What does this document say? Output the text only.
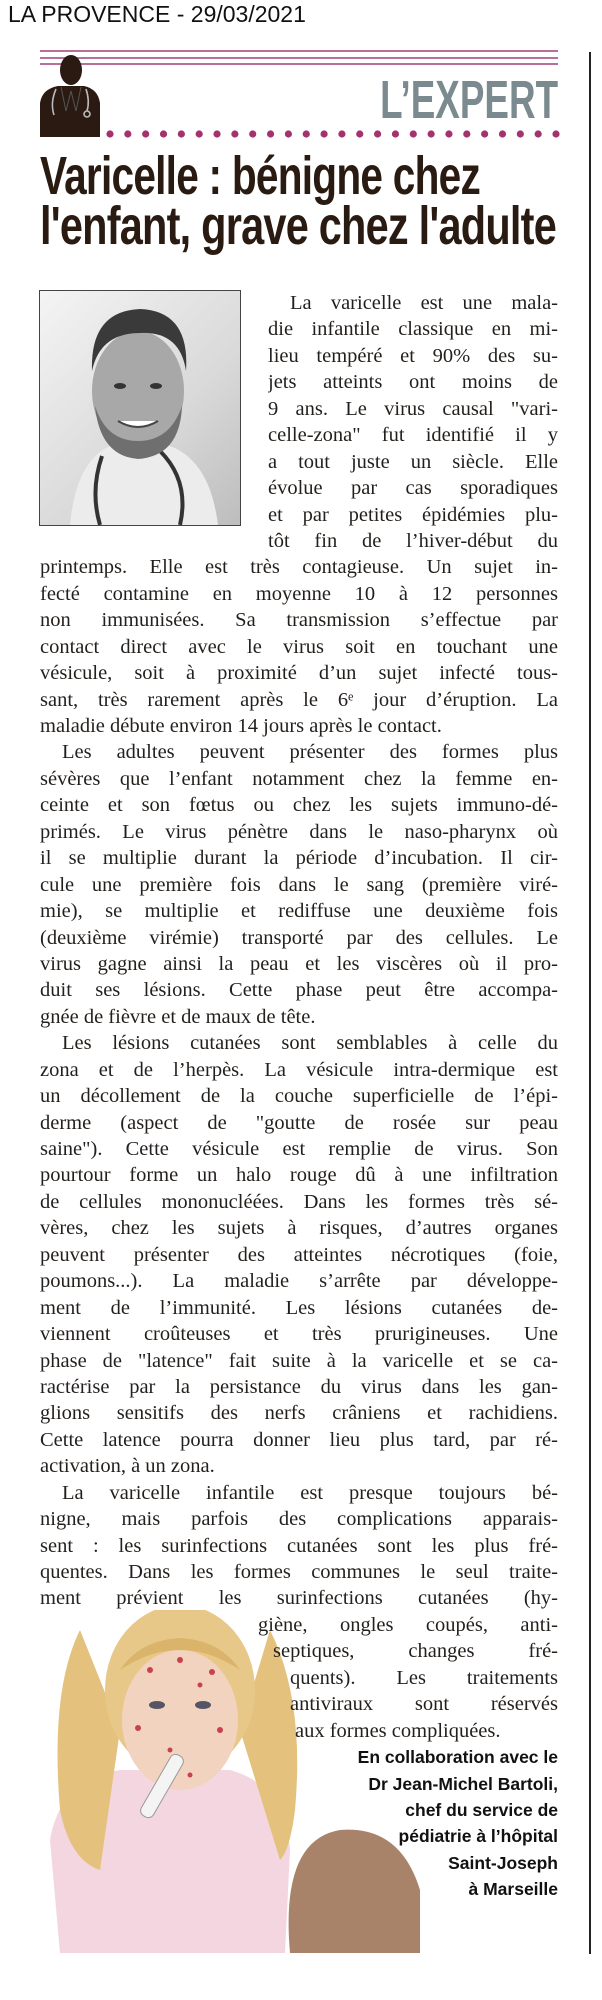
LA PROVENCE - 29/03/2021
L’EXPERT
Varicelle : bénigne chez
l'enfant, grave chez l'adulte
La varicelle est une mala-
die infantile classique en mi-
lieu tempéré et 90% des su-
jets atteints ont moins de
9 ans. Le virus causal "vari-
celle-zona" fut identifié il y
a tout juste un siècle. Elle
évolue par cas sporadiques
et par petites épidémies plu-
tôt fin de l’hiver-début du
printemps. Elle est très contagieuse. Un sujet in-
fecté contamine en moyenne 10 à 12 personnes
non immunisées. Sa transmission s’effectue par
contact direct avec le virus soit en touchant une
vésicule, soit à proximité d’un sujet infecté tous-
sant, très rarement après le 6ᵉ jour d’éruption. La
maladie débute environ 14 jours après le contact.
Les adultes peuvent présenter des formes plus
sévères que l’enfant notamment chez la femme en-
ceinte et son fœtus ou chez les sujets immuno-dé-
primés. Le virus pénètre dans le naso-pharynx où
il se multiplie durant la période d’incubation. Il cir-
cule une première fois dans le sang (première viré-
mie), se multiplie et rediffuse une deuxième fois
(deuxième virémie) transporté par des cellules. Le
virus gagne ainsi la peau et les viscères où il pro-
duit ses lésions. Cette phase peut être accompa-
gnée de fièvre et de maux de tête.
Les lésions cutanées sont semblables à celle du
zona et de l’herpès. La vésicule intra-dermique est
un décollement de la couche superficielle de l’épi-
derme (aspect de "goutte de rosée sur peau
saine"). Cette vésicule est remplie de virus. Son
pourtour forme un halo rouge dû à une infiltration
de cellules mononucléées. Dans les formes très sé-
vères, chez les sujets à risques, d’autres organes
peuvent présenter des atteintes nécrotiques (foie,
poumons...). La maladie s’arrête par développe-
ment de l’immunité. Les lésions cutanées de-
viennent croûteuses et très prurigineuses. Une
phase de "latence" fait suite à la varicelle et se ca-
ractérise par la persistance du virus dans les gan-
glions sensitifs des nerfs crâniens et rachidiens.
Cette latence pourra donner lieu plus tard, par ré-
activation, à un zona.
La varicelle infantile est presque toujours bé-
nigne, mais parfois des complications apparais-
sent : les surinfections cutanées sont les plus fré-
quentes. Dans les formes communes le seul traite-
ment prévient les surinfections cutanées (hy-
giène, ongles coupés, anti-
septiques, changes fré-
quents). Les traitements
antiviraux sont réservés
aux formes compliquées.
En collaboration avec le
Dr Jean-Michel Bartoli,
chef du service de
pédiatrie à l’hôpital
Saint-Joseph
à Marseille
